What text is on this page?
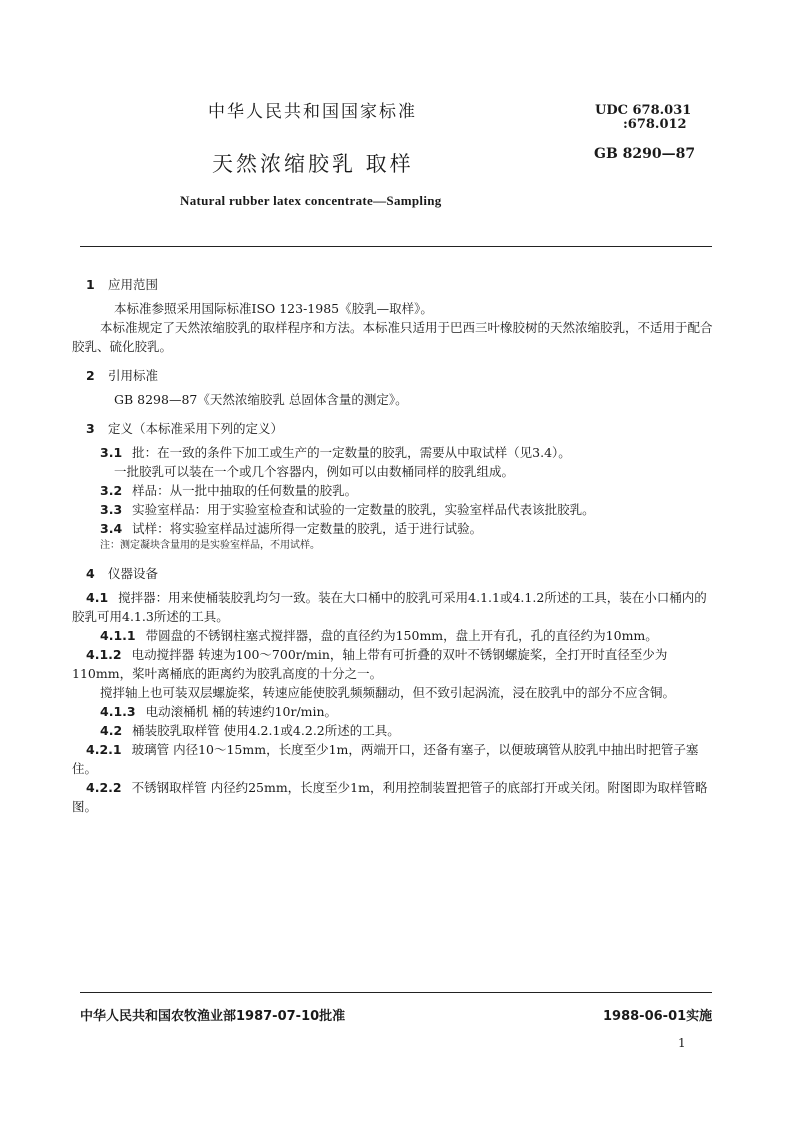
中华人民共和国国家标准	UDC 678.031
:678.012
天然浓缩胶乳 取样	GB 8290—87
Natural rubber latex concentrate—Sampling

1 应用范围

本标准参照采用国际标准ISO 123-1985《胶乳—取样》。

本标准规定了天然浓缩胶乳的取样程序和方法。本标准只适用于巴西三叶橡胶树的天然浓缩胶乳，不适用于配合胶乳、硫化胶乳。

2 引用标准

GB 8298—87《天然浓缩胶乳 总固体含量的测定》。

3 定义（本标准采用下列的定义）

3.1 批：在一致的条件下加工或生产的一定数量的胶乳，需要从中取试样（见3.4）。

一批胶乳可以装在一个或几个容器内，例如可以由数桶同样的胶乳组成。

3.2 样品：从一批中抽取的任何数量的胶乳。

3.3 实验室样品：用于实验室检查和试验的一定数量的胶乳，实验室样品代表该批胶乳。

3.4 试样：将实验室样品过滤所得一定数量的胶乳，适于进行试验。

注：测定凝块含量用的是实验室样品，不用试样。

4 仪器设备

4.1 搅拌器：用来使桶装胶乳均匀一致。装在大口桶中的胶乳可采用4.1.1或4.1.2所述的工具，装在小口桶内的胶乳可用4.1.3所述的工具。

4.1.1 带圆盘的不锈钢柱塞式搅拌器，盘的直径约为150mm，盘上开有孔，孔的直径约为10mm。

4.1.2 电动搅拌器 转速为100～700r/min，轴上带有可折叠的双叶不锈钢螺旋桨，全打开时直径至少为110mm，桨叶离桶底的距离约为胶乳高度的十分之一。

搅拌轴上也可装双层螺旋桨，转速应能使胶乳频频翻动，但不致引起涡流，浸在胶乳中的部分不应含铜。

4.1.3 电动滚桶机 桶的转速约10r/min。

4.2 桶装胶乳取样管 使用4.2.1或4.2.2所述的工具。

4.2.1 玻璃管 内径10～15mm，长度至少1m，两端开口，还备有塞子，以便玻璃管从胶乳中抽出时把管子塞住。

4.2.2 不锈钢取样管 内径约25mm，长度至少1m，利用控制装置把管子的底部打开或关闭。附图即为取样管略图。

中华人民共和国农牧渔业部1987-07-10批准	1988-06-01实施
1
